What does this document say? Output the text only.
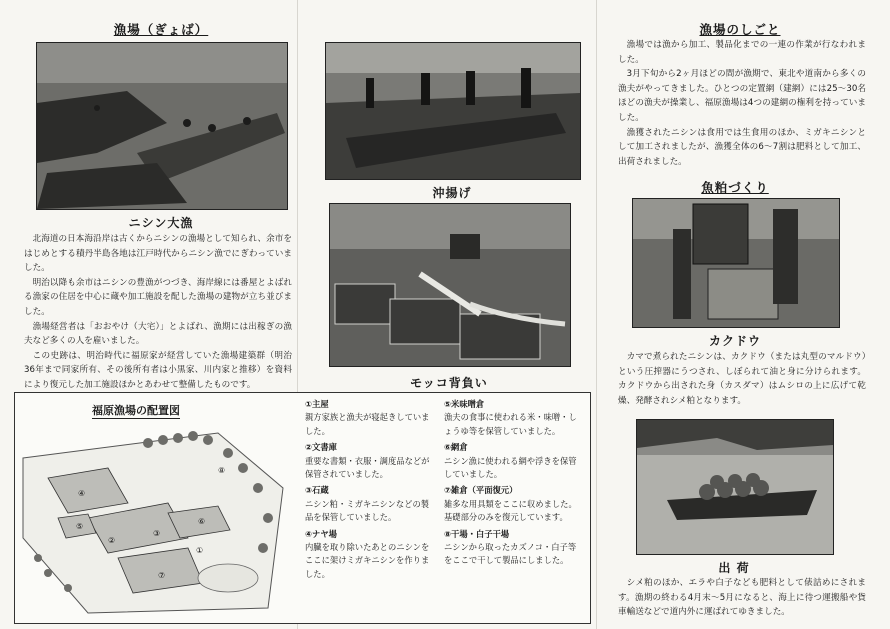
漁場（ぎょば）
ニシン大漁

北海道の日本海沿岸は古くからニシンの漁場として知られ、余市をはじめとする積丹半島各地は江戸時代からニシン漁でにぎわっていました。

明治以降も余市はニシンの豊漁がつづき、海岸線には番屋とよばれる漁家の住居を中心に蔵や加工施設を配した漁場の建物が立ち並びました。

漁場経営者は「おおやけ（大宅）」とよばれ、漁期には出稼ぎの漁夫など多くの人を雇いました。

この史跡は、明治時代に福原家が経営していた漁場建築群（明治36年まで同家所有、その後所有者は小黒家、川内家と推移）を資料により復元した加工施設ほかとあわせて整備したものです。

沖揚げ
モッコ背負い
福原漁場の配置図
①
②
③
④
⑤
⑥
⑦
⑧
①主屋
親方家族と漁夫が寝起きしていました。
②文書庫
重要な書類・衣服・調度品などが保管されていました。
③石蔵
ニシン粕・ミガキニシンなどの製品を保管していました。
④ナヤ場
内臓を取り除いたあとのニシンをここに架けミガキニシンを作りました。
⑤米味噌倉
漁夫の食事に使われる米・味噌・しょうゆ等を保管していました。
⑥網倉
ニシン漁に使われる網や浮きを保管していました。
⑦雑倉（平面復元）
雑多な用具類をここに収めました。基礎部分のみを復元しています。
⑧干場・白子干場
ニシンから取ったカズノコ・白子等をここで干して製品にしました。
漁場のしごと

漁場では漁から加工、製品化までの一連の作業が行なわれました。

3月下旬から2ヶ月ほどの間が漁期で、東北や道南から多くの漁夫がやってきました。ひとつの定置網（建網）には25〜30名ほどの漁夫が操業し、福原漁場は4つの建網の権利を持っていました。

漁獲されたニシンは食用では生食用のほか、ミガキニシンとして加工されましたが、漁獲全体の6〜7割は肥料として加工、出荷されました。

魚粕づくり
カクドウ

カマで煮られたニシンは、カクドウ（または丸型のマルドウ）という圧搾器にうつされ、しぼられて油と身に分けられます。カクドウから出された身（カスダマ）はムシロの上に広げて乾燥、発酵されシメ粕となります。

出 荷

シメ粕のほか、エラや白子なども肥料として俵詰めにされます。漁期の終わる4月末〜5月になると、海上に待つ運搬船や貨車輸送などで道内外に運ばれてゆきました。
